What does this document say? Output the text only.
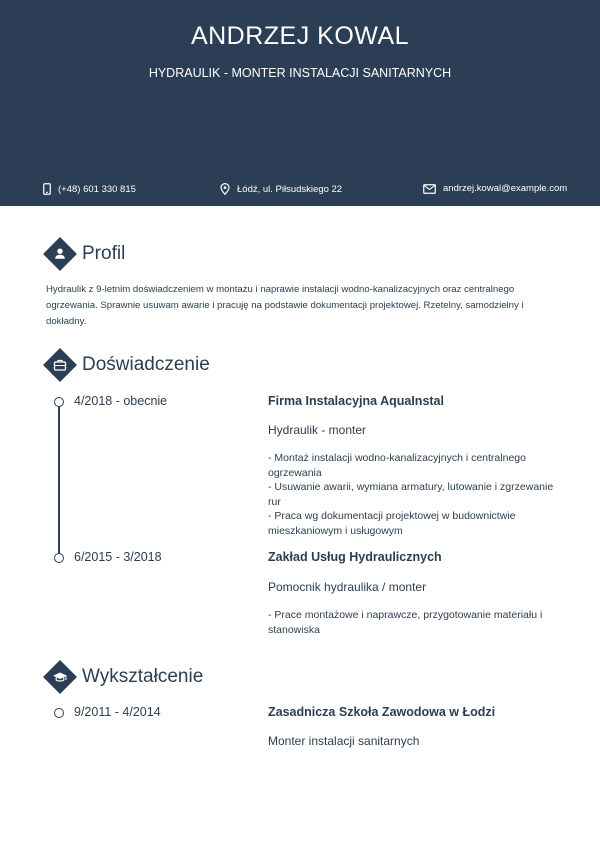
ANDRZEJ KOWAL
HYDRAULIK - MONTER INSTALACJI SANITARNYCH
(+48) 601 330 815	Łódź, ul. Piłsudskiego 22	andrzej.kowal@example.com
Profil
Hydraulik z 9-letnim doświadczeniem w montażu i naprawie instalacji wodno-kanalizacyjnych oraz centralnego ogrzewania. Sprawnie usuwam awarie i pracuję na podstawie dokumentacji projektowej. Rzetelny, samodzielny i dokładny.
Doświadczenie
4/2018 - obecnie	Firma Instalacyjna AquaInstal
Hydraulik - monter
- Montaż instalacji wodno-kanalizacyjnych i centralnego ogrzewania
- Usuwanie awarii, wymiana armatury, lutowanie i zgrzewanie rur
- Praca wg dokumentacji projektowej w budownictwie mieszkaniowym i usługowym
6/2015 - 3/2018	Zakład Usług Hydraulicznych
Pomocnik hydraulika / monter
- Prace montażowe i naprawcze, przygotowanie materiału i stanowiska
Wykształcenie
9/2011 - 4/2014	Zasadnicza Szkoła Zawodowa w Łodzi
Monter instalacji sanitarnych
